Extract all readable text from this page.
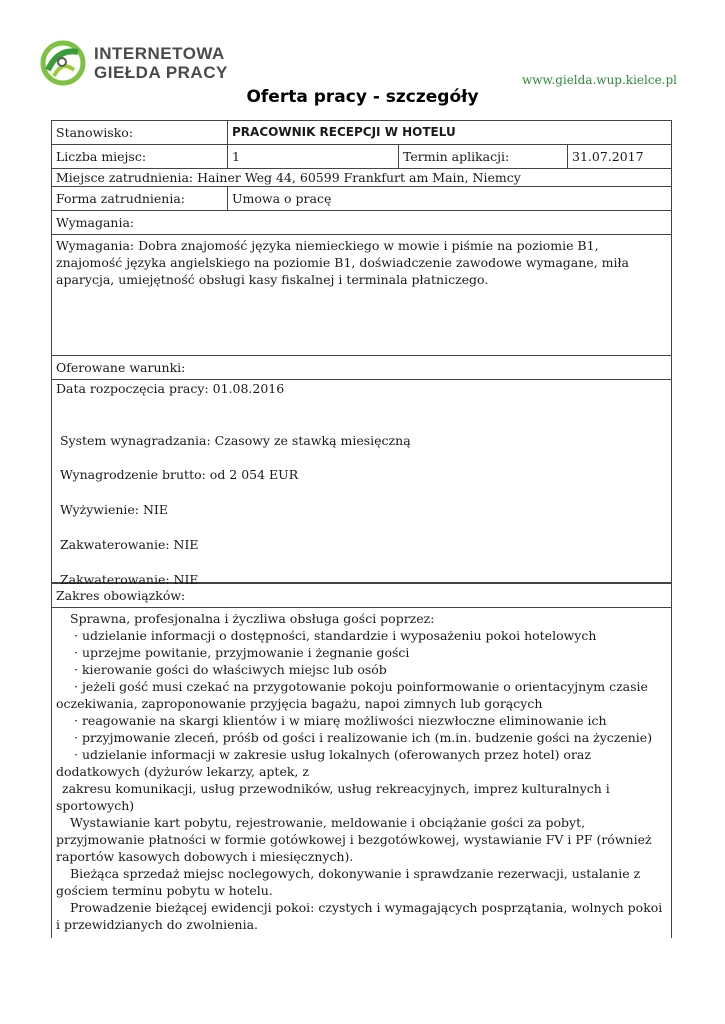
INTERNETOWA
GIEŁDA PRACY	www.gielda.wup.kielce.pl
Oferta pracy - szczegóły
Stanowisko:	PRACOWNIK RECEPCJI W HOTELU
Liczba miejsc:	1	Termin aplikacji:	31.07.2017
Miejsce zatrudnienia: Hainer Weg 44, 60599 Frankfurt am Main, Niemcy
Forma zatrudnienia:	Umowa o pracę
Wymagania:
Wymagania: Dobra znajomość języka niemieckiego w mowie i piśmie na poziomie B1, znajomość języka angielskiego na poziomie B1, doświadczenie zawodowe wymagane, miła aparycja, umiejętność obsługi kasy fiskalnej i terminala płatniczego.
Oferowane warunki:
Data rozpoczęcia pracy: 01.08.2016
System wynagradzania: Czasowy ze stawką miesięczną
Wynagrodzenie brutto: od 2 054 EUR
Wyżywienie: NIE
Zakwaterowanie: NIE
Zakwaterowanie: NIE
Zakres obowiązków:

Sprawna, profesjonalna i życzliwa obsługa gości poprzez:

· udzielanie informacji o dostępności, standardzie i wyposażeniu pokoi hotelowych

· uprzejme powitanie, przyjmowanie i żegnanie gości

· kierowanie gości do właściwych miejsc lub osób

· jeżeli gość musi czekać na przygotowanie pokoju poinformowanie o orientacyjnym czasie oczekiwania, zaproponowanie przyjęcia bagażu, napoi zimnych lub gorących

· reagowanie na skargi klientów i w miarę możliwości niezwłoczne eliminowanie ich

· przyjmowanie zleceń, próśb od gości i realizowanie ich (m.in. budzenie gości na życzenie)

· udzielanie informacji w zakresie usług lokalnych (oferowanych przez hotel) oraz dodatkowych (dyżurów lekarzy, aptek, z

zakresu komunikacji, usług przewodników, usług rekreacyjnych, imprez kulturalnych i sportowych)

Wystawianie kart pobytu, rejestrowanie, meldowanie i obciążanie gości za pobyt, przyjmowanie płatności w formie gotówkowej i bezgotówkowej, wystawianie FV i PF (również raportów kasowych dobowych i miesięcznych).

Bieżąca sprzedaż miejsc noclegowych, dokonywanie i sprawdzanie rezerwacji, ustalanie z gościem terminu pobytu w hotelu.

Prowadzenie bieżącej ewidencji pokoi: czystych i wymagających posprzątania, wolnych pokoi i przewidzianych do zwolnienia.
